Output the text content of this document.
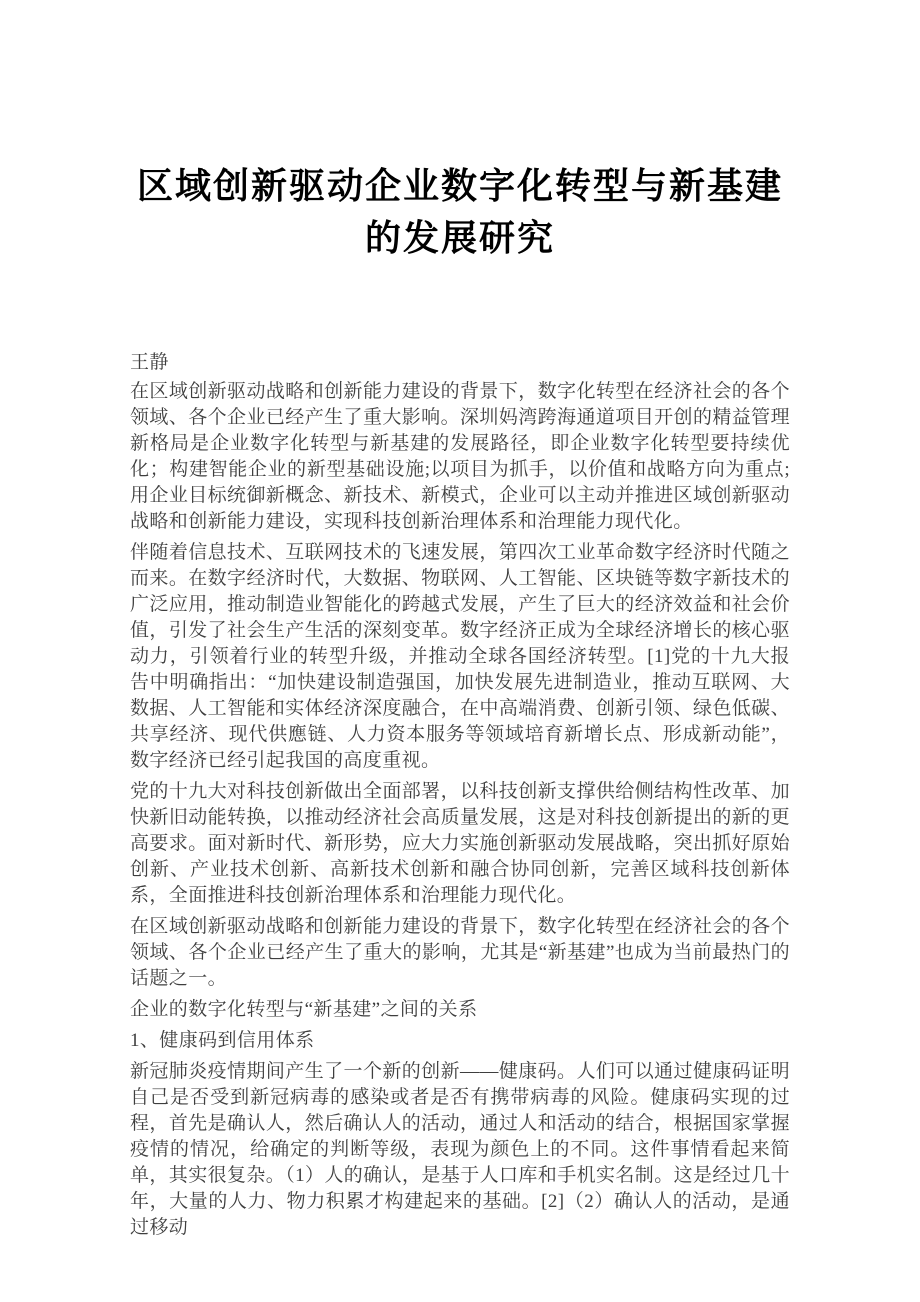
区域创新驱动企业数字化转型与新基建的发展研究

王静

在区域创新驱动战略和创新能力建设的背景下，数字化转型在经济社会的各个领域、各个企业已经产生了重大影响。深圳妈湾跨海通道项目开创的精益管理新格局是企业数字化转型与新基建的发展路径，即企业数字化转型要持续优化；构建智能企业的新型基础设施;以项目为抓手，以价值和战略方向为重点;用企业目标统御新概念、新技术、新模式，企业可以主动并推进区域创新驱动战略和创新能力建设，实现科技创新治理体系和治理能力现代化。

伴随着信息技术、互联网技术的飞速发展，第四次工业革命数字经济时代随之而来。在数字经济时代，大数据、物联网、人工智能、区块链等数字新技术的广泛应用，推动制造业智能化的跨越式发展，产生了巨大的经济效益和社会价值，引发了社会生产生活的深刻变革。数字经济正成为全球经济增长的核心驱动力，引领着行业的转型升级，并推动全球各国经济转型。[1]党的十九大报告中明确指出：“加快建设制造强国，加快发展先进制造业，推动互联网、大数据、人工智能和实体经济深度融合，在中高端消费、创新引领、绿色低碳、共享经济、现代供應链、人力资本服务等领域培育新增长点、形成新动能”，数字经济已经引起我国的高度重视。

党的十九大对科技创新做出全面部署，以科技创新支撑供给侧结构性改革、加快新旧动能转换，以推动经济社会高质量发展，这是对科技创新提出的新的更高要求。面对新时代、新形势，应大力实施创新驱动发展战略，突出抓好原始创新、产业技术创新、高新技术创新和融合协同创新，完善区域科技创新体系，全面推进科技创新治理体系和治理能力现代化。

在区域创新驱动战略和创新能力建设的背景下，数字化转型在经济社会的各个领域、各个企业已经产生了重大的影响，尤其是“新基建”也成为当前最热门的话题之一。

企业的数字化转型与“新基建”之间的关系

1、健康码到信用体系

新冠肺炎疫情期间产生了一个新的创新——健康码。人们可以通过健康码证明自己是否受到新冠病毒的感染或者是否有携带病毒的风险。健康码实现的过程，首先是确认人，然后确认人的活动，通过人和活动的结合，根据国家掌握疫情的情况，给确定的判断等级，表现为颜色上的不同。这件事情看起来简单，其实很复杂。（1）人的确认，是基于人口库和手机实名制。这是经过几十年，大量的人力、物力积累才构建起来的基础。[2]（2）确认人的活动，是通过移动
